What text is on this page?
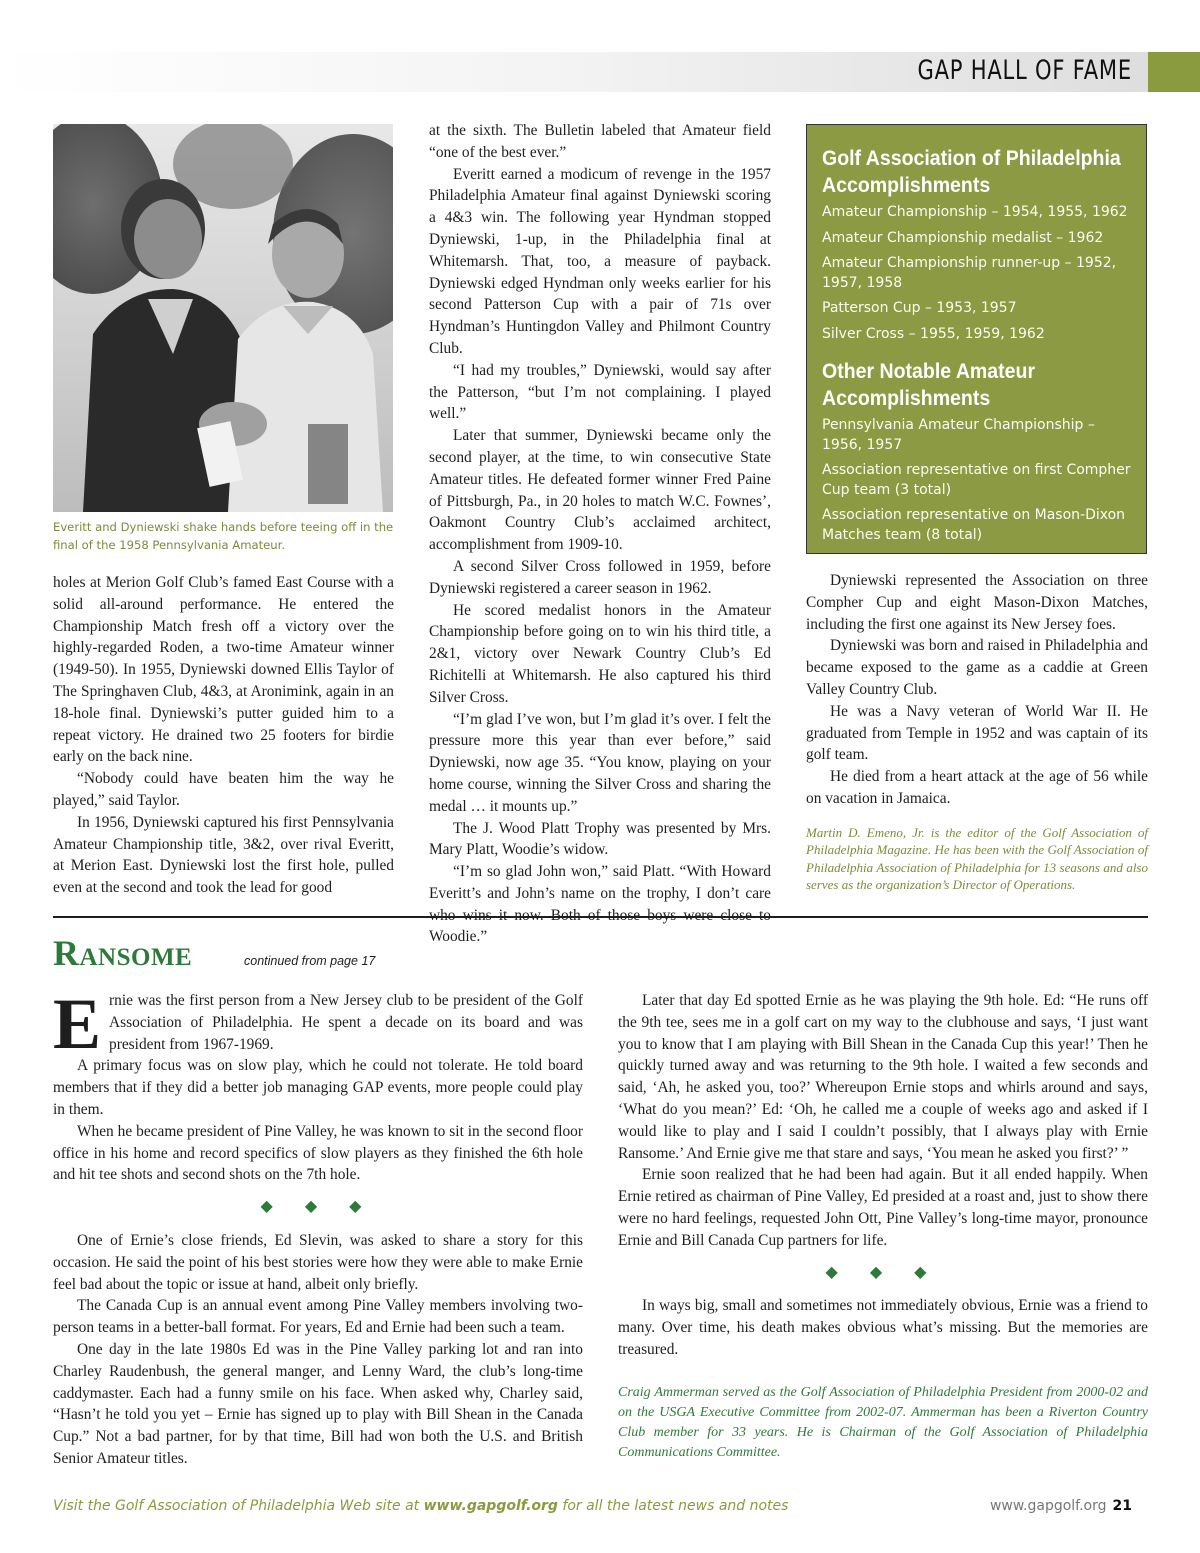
GAP HALL OF FAME
Everitt and Dyniewski shake hands before teeing off in the final of the 1958 Pennsylvania Amateur.

holes at Merion Golf Club’s famed East Course with a solid all-around performance. He entered the Championship Match fresh off a victory over the highly-regarded Roden, a two-time Amateur winner (1949-50). In 1955, Dyniewski downed Ellis Taylor of The Springhaven Club, 4&3, at Aronimink, again in an 18-hole final. Dyniewski’s putter guided him to a repeat victory. He drained two 25 footers for birdie early on the back nine.

“Nobody could have beaten him the way he played,” said Taylor.

In 1956, Dyniewski captured his first Pennsylvania Amateur Championship title, 3&2, over rival Everitt, at Merion East. Dyniewski lost the first hole, pulled even at the second and took the lead for good

at the sixth. The Bulletin labeled that Amateur field “one of the best ever.”

Everitt earned a modicum of revenge in the 1957 Philadelphia Amateur final against Dyniewski scoring a 4&3 win. The following year Hyndman stopped Dyniewski, 1-up, in the Philadelphia final at Whitemarsh. That, too, a measure of payback. Dyniewski edged Hyndman only weeks earlier for his second Patterson Cup with a pair of 71s over Hyndman’s Huntingdon Valley and Philmont Country Club.

“I had my troubles,” Dyniewski, would say after the Patterson, “but I’m not complaining. I played well.”

Later that summer, Dyniewski became only the second player, at the time, to win consecutive State Amateur titles. He defeated former winner Fred Paine of Pittsburgh, Pa., in 20 holes to match W.C. Fownes’, Oakmont Country Club’s acclaimed architect, accomplishment from 1909-10.

A second Silver Cross followed in 1959, before Dyniewski registered a career season in 1962.

He scored medalist honors in the Amateur Championship before going on to win his third title, a 2&1, victory over Newark Country Club’s Ed Richitelli at Whitemarsh. He also captured his third Silver Cross.

“I’m glad I’ve won, but I’m glad it’s over. I felt the pressure more this year than ever before,” said Dyniewski, now age 35. “You know, playing on your home course, winning the Silver Cross and sharing the medal … it mounts up.”

The J. Wood Platt Trophy was presented by Mrs. Mary Platt, Woodie’s widow.

“I’m so glad John won,” said Platt. “With Howard Everitt’s and John’s name on the trophy, I don’t care Woodie.”

Golf Association of Philadelphia
Accomplishments
Amateur Championship – 1954, 1955, 1962
Amateur Championship medalist – 1962
Amateur Championship runner-up – 1952, 1957, 1958
Patterson Cup – 1953, 1957
Silver Cross – 1955, 1959, 1962
Other Notable Amateur
Accomplishments
Pennsylvania Amateur Championship – 1956, 1957
Association representative on first Compher Cup team (3 total)
Association representative on Mason-Dixon Matches team (8 total)

Dyniewski represented the Association on three Compher Cup and eight Mason-Dixon Matches, including the first one against its New Jersey foes.

Dyniewski was born and raised in Philadelphia and became exposed to the game as a caddie at Green Valley Country Club.

He was a Navy veteran of World War II. He graduated from Temple in 1952 and was captain of its golf team.

He died from a heart attack at the age of 56 while on vacation in Jamaica.

Martin D. Emeno, Jr. is the editor of the Golf Association of Philadelphia Magazine. He has been with the Golf Association of Philadelphia Association of Philadelphia for 13 seasons and also serves as the organization’s Director of Operations.

Ransome	continued from page 17

Ernie was the first person from a New Jersey club to be president of the Golf Association of Philadelphia. He spent a decade on its board and was president from 1967-1969.

A primary focus was on slow play, which he could not tolerate. He told board members that if they did a better job managing GAP events, more people could play in them.

When he became president of Pine Valley, he was known to sit in the second floor office in his home and record specifics of slow players as they finished the 6th hole and hit tee shots and second shots on the 7th hole.

◆ ◆ ◆

One of Ernie’s close friends, Ed Slevin, was asked to share a story for this occasion. He said the point of his best stories were how they were able to make Ernie feel bad about the topic or issue at hand, albeit only briefly.

The Canada Cup is an annual event among Pine Valley members involving two-person teams in a better-ball format. For years, Ed and Ernie had been such a team.

One day in the late 1980s Ed was in the Pine Valley parking lot and ran into Charley Raudenbush, the general manger, and Lenny Ward, the club’s long-time caddymaster. Each had a funny smile on his face. When asked why, Charley said, “Hasn’t he told you yet – Ernie has signed up to play with Bill Shean in the Canada Cup.” Not a bad partner, for by that time, Bill had won both the U.S. and British Senior Amateur titles.

Later that day Ed spotted Ernie as he was playing the 9th hole. Ed: “He runs off the 9th tee, sees me in a golf cart on my way to the clubhouse and says, ‘I just want you to know that I am playing with Bill Shean in the Canada Cup this year!’ Then he quickly turned away and was returning to the 9th hole. I waited a few seconds and said, ‘Ah, he asked you, too?’ Whereupon Ernie stops and whirls around and says, ‘What do you mean?’ Ed: ‘Oh, he called me a couple of weeks ago and asked if I would like to play and I said I couldn’t possibly, that I always play with Ernie Ransome.’ And Ernie give me that stare and says, ‘You mean he asked you first?’ ”

Ernie soon realized that he had been had again. But it all ended happily. When Ernie retired as chairman of Pine Valley, Ed presided at a roast and, just to show there were no hard feelings, requested John Ott, Pine Valley’s long-time mayor, pronounce Ernie and Bill Canada Cup partners for life.

◆ ◆ ◆

In ways big, small and sometimes not immediately obvious, Ernie was a friend to many. Over time, his death makes obvious what’s missing. But the memories are treasured.

Craig Ammerman served as the Golf Association of Philadelphia President from 2000-02 and on the USGA Executive Committee from 2002-07. Ammerman has been a Riverton Country Club member for 33 years. He is Chairman of the Golf Association of Philadelphia Communications Committee.

Visit the Golf Association of Philadelphia Web site at www.gapgolf.org for all the latest news and notes	www.gapgolf.org 21
